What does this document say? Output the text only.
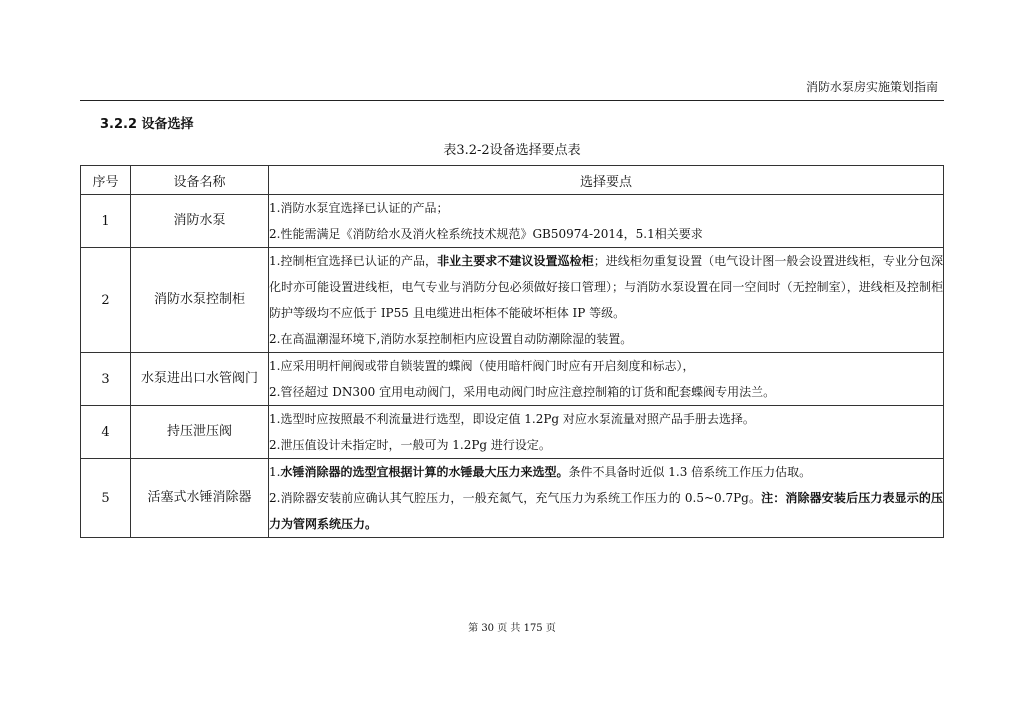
消防水泵房实施策划指南
3.2.2 设备选择
表3.2-2设备选择要点表
序号	设备名称	选择要点
1	消防水泵	1.消防水泵宜选择已认证的产品；

2.性能需满足《消防给水及消火栓系统技术规范》GB50974-2014，5.1相关要求

2	消防水泵控制柜	1.控制柜宜选择已认证的产品，非业主要求不建议设置巡检柜；进线柜勿重复设置（电气设计图一般会设置进线柜，专业分包深化时亦可能设置进线柜，电气专业与消防分包必须做好接口管理）；与消防水泵设置在同一空间时（无控制室），进线柜及控制柜防护等级均不应低于 IP55 且电缆进出柜体不能破坏柜体 IP 等级。

2.在高温潮湿环境下,消防水泵控制柜内应设置自动防潮除湿的装置。

3	水泵进出口水管阀门	1.应采用明杆闸阀或带自锁装置的蝶阀（使用暗杆阀门时应有开启刻度和标志），

2.管径超过 DN300 宜用电动阀门，采用电动阀门时应注意控制箱的订货和配套蝶阀专用法兰。

4	持压泄压阀	1.选型时应按照最不利流量进行选型，即设定值 1.2Pg 对应水泵流量对照产品手册去选择。

2.泄压值设计未指定时，一般可为 1.2Pg 进行设定。

5	活塞式水锤消除器	1.水锤消除器的选型宜根据计算的水锤最大压力来选型。条件不具备时近似 1.3 倍系统工作压力估取。

2.消除器安装前应确认其气腔压力，一般充氮气，充气压力为系统工作压力的 0.5~0.7Pg。注：消除器安装后压力表显示的压力为管网系统压力。

第 30 页 共 175 页
